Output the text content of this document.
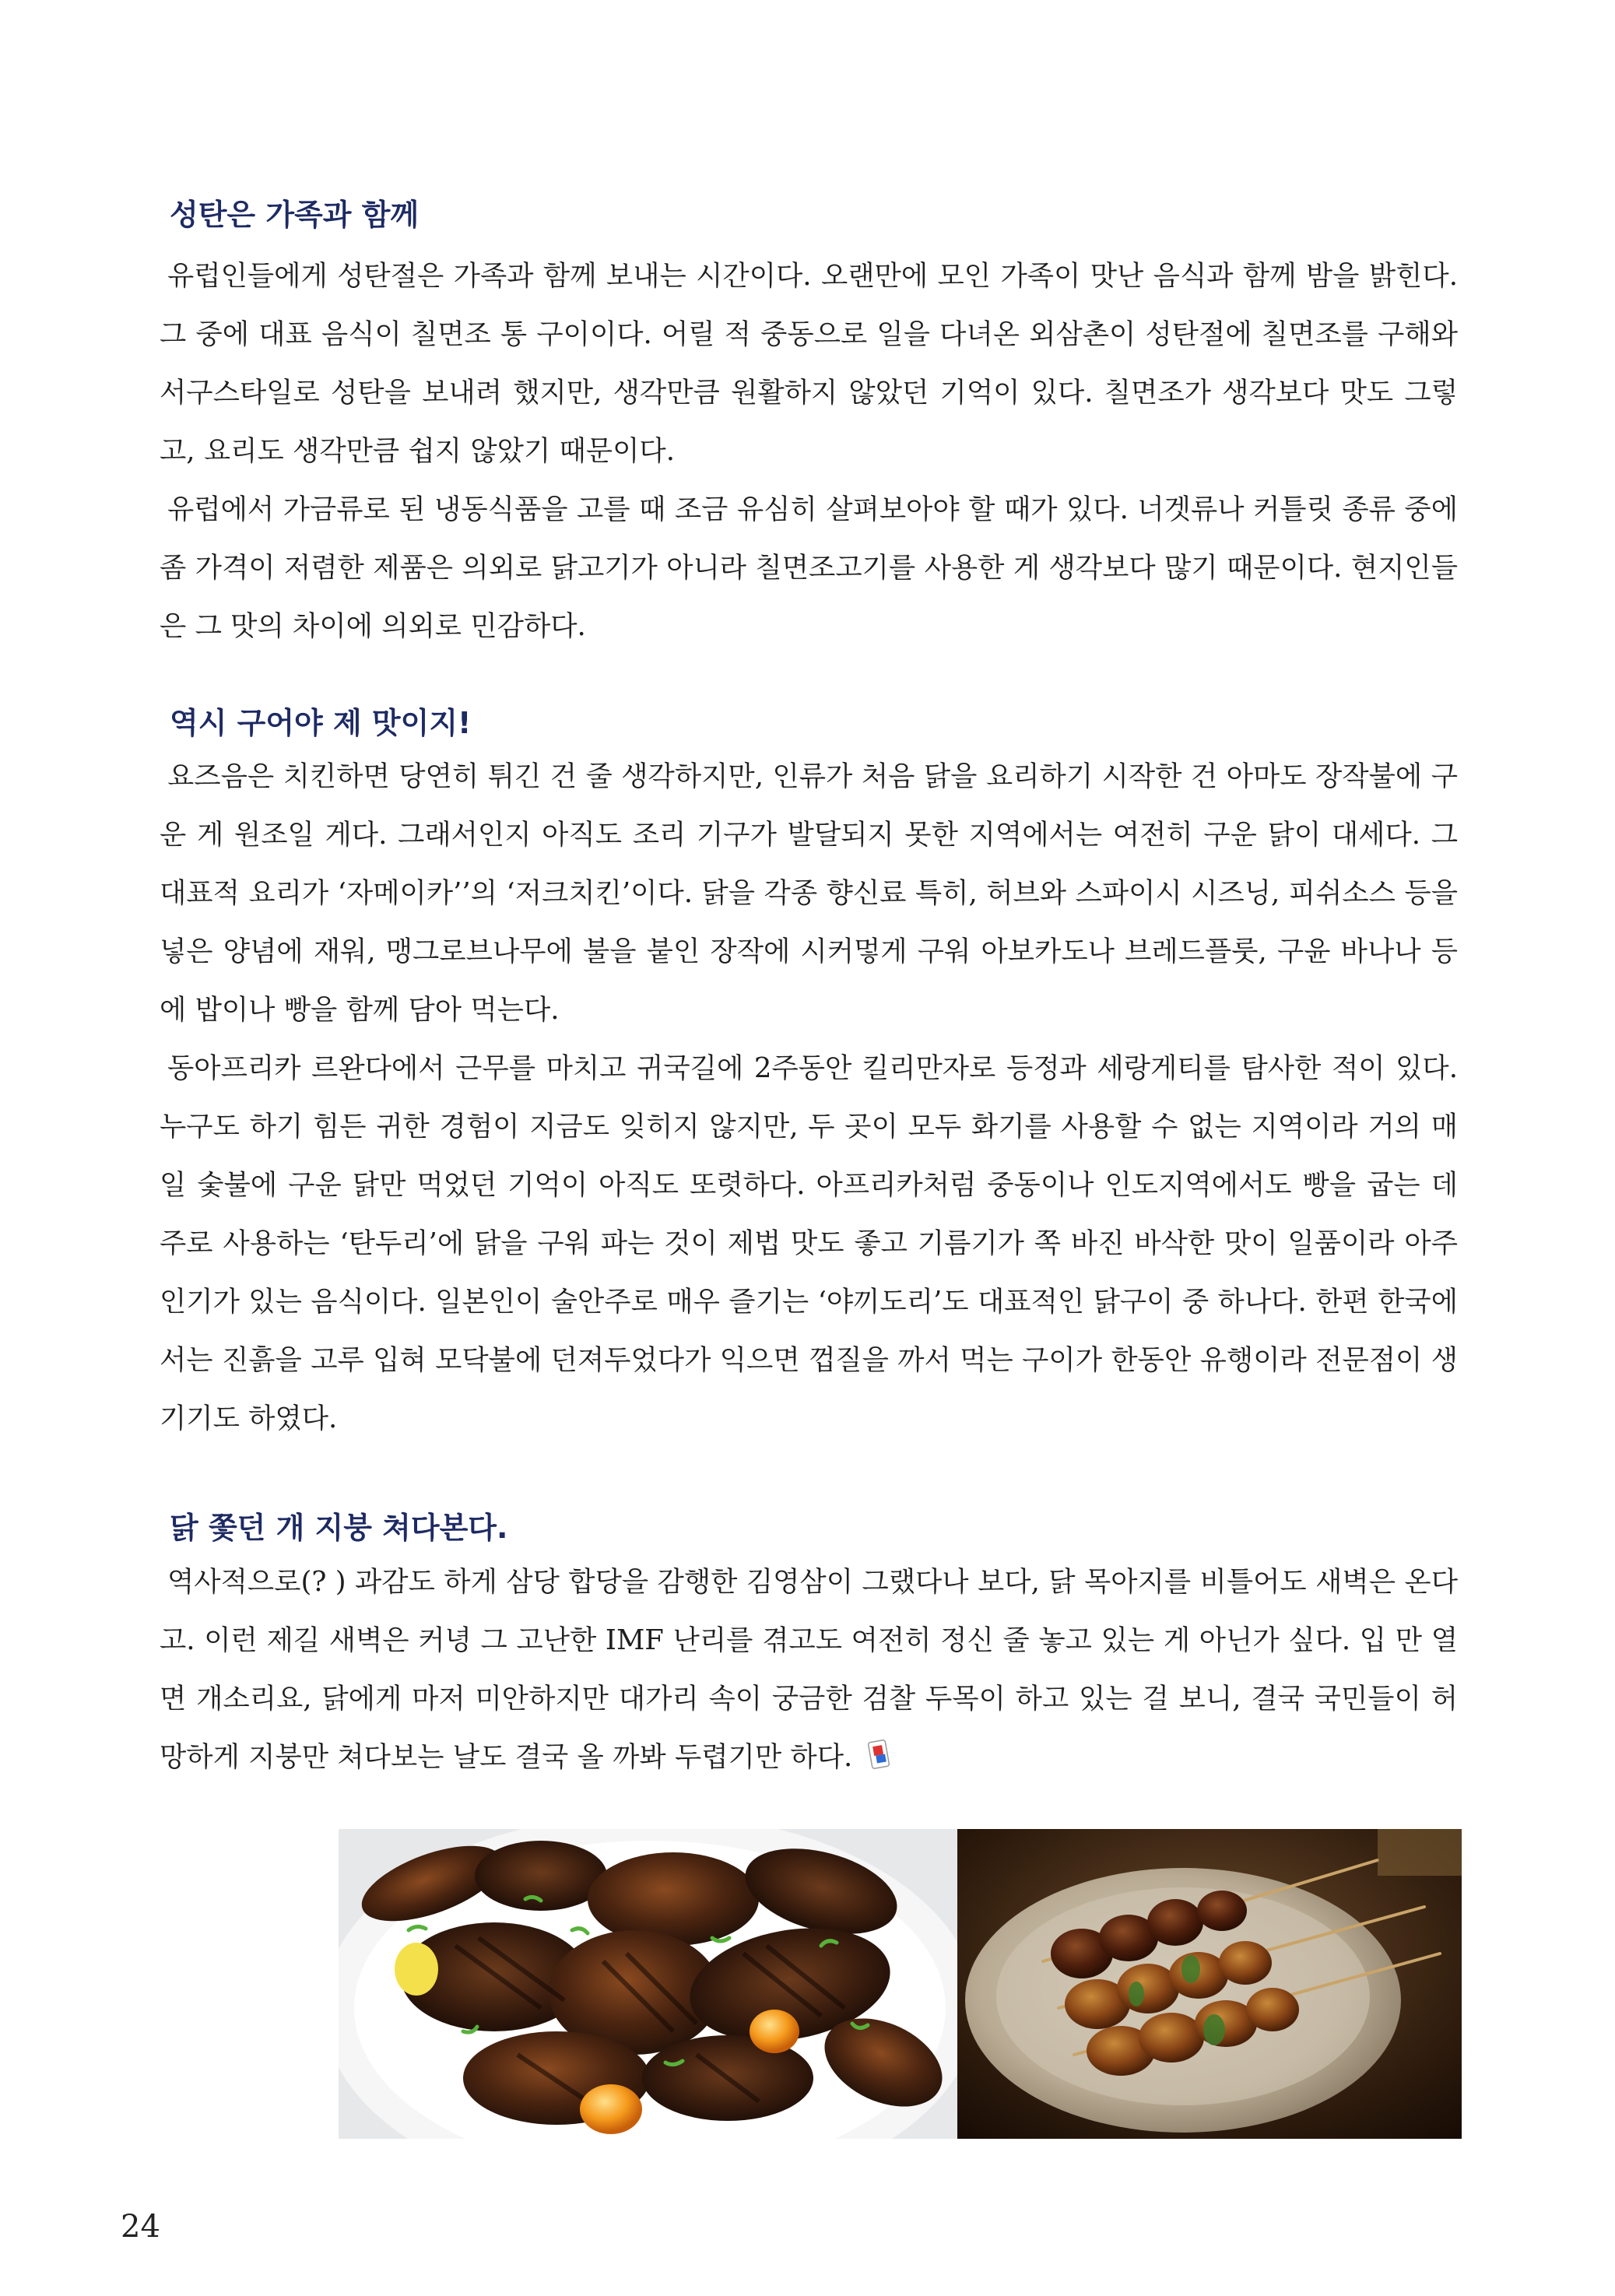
성탄은 가족과 함께

유럽인들에게 성탄절은 가족과 함께 보내는 시간이다. 오랜만에 모인 가족이 맛난 음식과 함께 밤을 밝힌다. 그 중에 대표 음식이 칠면조 통 구이이다. 어릴 적 중동으로 일을 다녀온 외삼촌이 성탄절에 칠면조를 구해와 서구스타일로 성탄을 보내려 했지만, 생각만큼 원활하지 않았던 기억이 있다. 칠면조가 생각보다 맛도 그렇고, 요리도 생각만큼 쉽지 않았기 때문이다.

유럽에서 가금류로 된 냉동식품을 고를 때 조금 유심히 살펴보아야 할 때가 있다. 너겟류나 커틀릿 종류 중에 좀 가격이 저렴한 제품은 의외로 닭고기가 아니라 칠면조고기를 사용한 게 생각보다 많기 때문이다. 현지인들은 그 맛의 차이에 의외로 민감하다.

역시 구어야 제 맛이지!

요즈음은 치킨하면 당연히 튀긴 건 줄 생각하지만, 인류가 처음 닭을 요리하기 시작한 건 아마도 장작불에 구운 게 원조일 게다. 그래서인지 아직도 조리 기구가 발달되지 못한 지역에서는 여전히 구운 닭이 대세다. 그 대표적 요리가 ‘자메이카’’의 ‘저크치킨’이다. 닭을 각종 향신료 특히, 허브와 스파이시 시즈닝, 피쉬소스 등을 넣은 양념에 재워, 맹그로브나무에 불을 붙인 장작에 시커멓게 구워 아보카도나 브레드플룻, 구윤 바나나 등에 밥이나 빵을 함께 담아 먹는다.

동아프리카 르완다에서 근무를 마치고 귀국길에 2주동안 킬리만자로 등정과 세랑게티를 탐사한 적이 있다. 누구도 하기 힘든 귀한 경험이 지금도 잊히지 않지만, 두 곳이 모두 화기를 사용할 수 없는 지역이라 거의 매일 숯불에 구운 닭만 먹었던 기억이 아직도 또렷하다. 아프리카처럼 중동이나 인도지역에서도 빵을 굽는 데 주로 사용하는 ‘탄두리’에 닭을 구워 파는 것이 제법 맛도 좋고 기름기가 쪽 바진 바삭한 맛이 일품이라 아주 인기가 있는 음식이다. 일본인이 술안주로 매우 즐기는 ‘야끼도리’도 대표적인 닭구이 중 하나다. 한편 한국에서는 진흙을 고루 입혀 모닥불에 던져두었다가 익으면 껍질을 까서 먹는 구이가 한동안 유행이라 전문점이 생기기도 하였다.

닭 쫓던 개 지붕 쳐다본다.
역사적으로(? ) 과감도 하게 삼당 합당을 감행한 김영삼이 그랬다나 보다, 닭 목아지를 비틀어도 새벽은 온다고. 이런 제길 새벽은 커녕 그 고난한 IMF 난리를 겪고도 여전히 정신 줄 놓고 있는 게 아닌가 싶다. 입 만 열면 개소리요, 닭에게 마저 미안하지만 대가리 속이 궁금한 검찰 두목이 하고 있는 걸 보니, 결국 국민들이 허망하게 지붕만 쳐다보는 날도 결국 올 까봐 두렵기만 하다.
24
